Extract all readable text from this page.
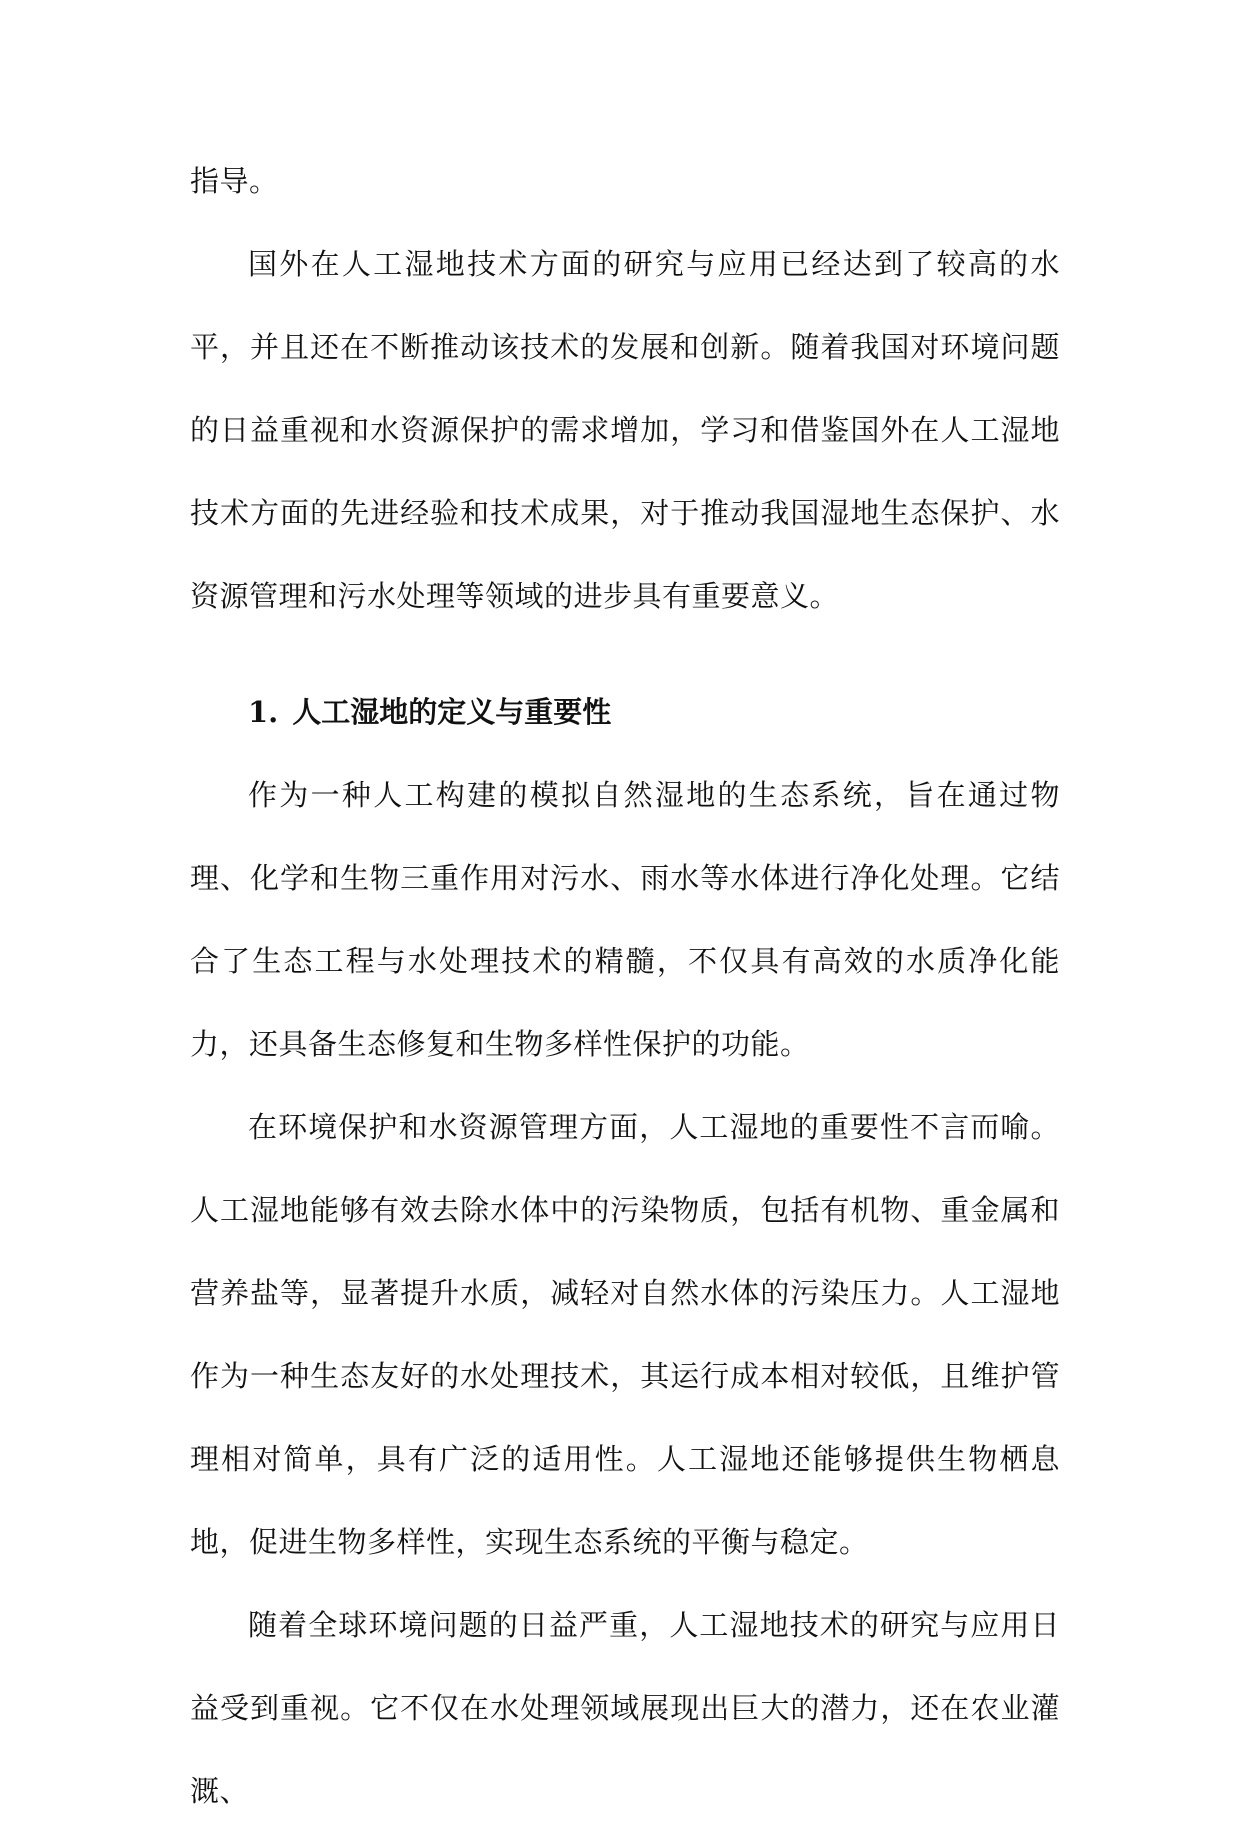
指导。

国外在人工湿地技术方面的研究与应用已经达到了较高的水平，并且还在不断推动该技术的发展和创新。随着我国对环境问题的日益重视和水资源保护的需求增加，学习和借鉴国外在人工湿地技术方面的先进经验和技术成果，对于推动我国湿地生态保护、水资源管理和污水处理等领域的进步具有重要意义。

1. 人工湿地的定义与重要性

作为一种人工构建的模拟自然湿地的生态系统，旨在通过物理、化学和生物三重作用对污水、雨水等水体进行净化处理。它结合了生态工程与水处理技术的精髓，不仅具有高效的水质净化能力，还具备生态修复和生物多样性保护的功能。

在环境保护和水资源管理方面，人工湿地的重要性不言而喻。人工湿地能够有效去除水体中的污染物质，包括有机物、重金属和营养盐等，显著提升水质，减轻对自然水体的污染压力。人工湿地作为一种生态友好的水处理技术，其运行成本相对较低，且维护管理相对简单，具有广泛的适用性。人工湿地还能够提供生物栖息地，促进生物多样性，实现生态系统的平衡与稳定。

随着全球环境问题的日益严重，人工湿地技术的研究与应用日益受到重视。它不仅在水处理领域展现出巨大的潜力，还在农业灌溉、
